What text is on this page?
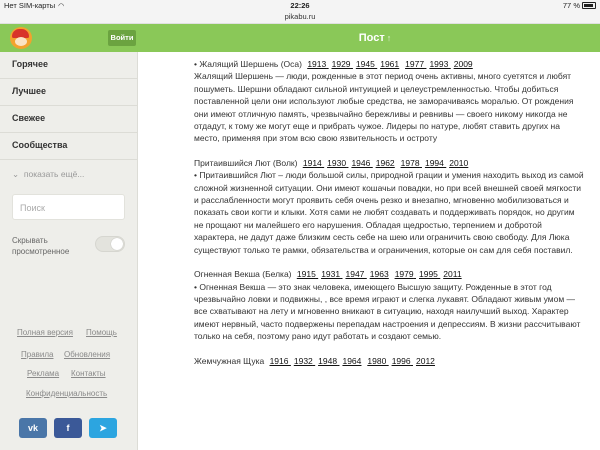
Нет SIM-карты ◠	22:26	77 %
pikabu.ru
Войти	Пост ↑
Горячее
Лучшее
Свежее
Сообщества
⌄ показать ещё...
Поиск
Скрывать
просмотренное
Полная версия Помощь
Правила Обновления
Реклама Контакты
Конфиденциальность
vk	f	➤

• Жалящий Шершень (Оса) 1913 1929 1945 1961 1977 1993 2009

Жалящий Шершень — люди, рожденные в этот период очень активны, много суетятся и любят пошуметь. Шершни обладают сильной интуицией и целеустремленностью. Чтобы добиться поставленной цели они используют любые средства, не заморачиваясь моралью. От рождения они имеют отличную память, чрезвычайно бережливы и ревнивы — своего никому никогда не отдадут, к тому же могут еще и прибрать чужое. Лидеры по натуре, любят ставить других на место, применяя при этом всю свою язвительность и остроту

Притаившийся Лют (Волк) 1914 1930 1946 1962 1978 1994 2010

• Притаившийся Лют – люди большой силы, природной грации и умения находить выход из самой сложной жизненной ситуации. Они имеют кошачьи повадки, но при всей внешней своей мягкости и расслабленности могут проявить себя очень резко и внезапно, мгновенно мобилизоваться и показать свои когти и клыки. Хотя сами не любят создавать и поддерживать порядок, но другим не прощают ни малейшего его нарушения. Обладая щедростью, терпением и добротой характера, не дадут даже близким сесть себе на шею или ограничить свою свободу. Для Люка существуют только те рамки, обязательства и ограничения, которые он сам для себя поставил.

Огненная Векша (Белка) 1915 1931 1947 1963 1979 1995 2011

• Огненная Векша — это знак человека, имеющего Высшую защиту. Рожденные в этот год чрезвычайно ловки и подвижны, , все время играют и слегка лукавят. Обладают живым умом — все схватывают на лету и мгновенно вникают в ситуацию, находя наилучший выход. Характер имеют нервный, часто подвержены перепадам настроения и депрессиям. В жизни рассчитывают только на себя, поэтому рано идут работать и создают семью.

Жемчужная Щука 1916 1932 1948 1964 1980 1996 2012
